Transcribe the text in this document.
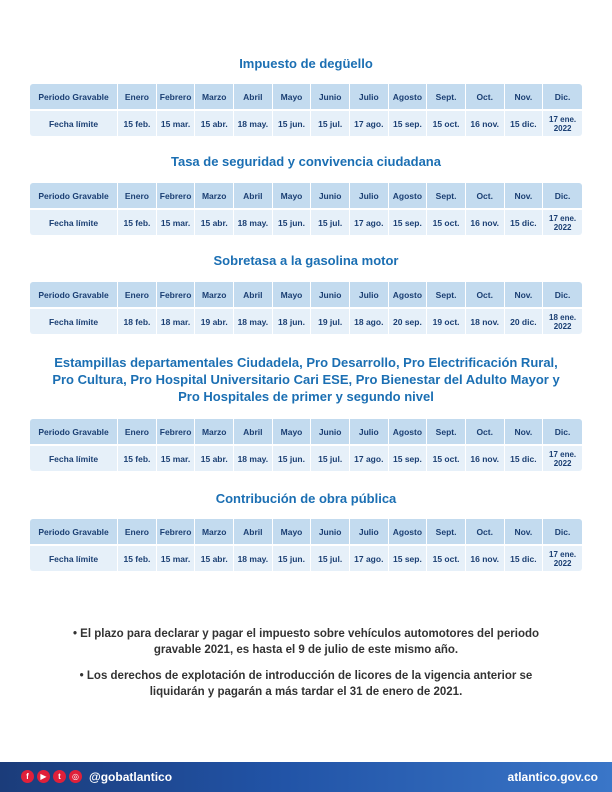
Impuesto de degüello

Periodo Gravable	Enero	Febrero	Marzo	Abril	Mayo	Junio	Julio	Agosto	Sept.	Oct.	Nov.	Dic.
Fecha límite	15 feb.	15 mar.	15 abr.	18 may.	15 jun.	15 jul.	17 ago.	15 sep.	15 oct.	16 nov.	15 dic.	17 ene. 2022

Tasa de seguridad y convivencia ciudadana

Periodo Gravable	Enero	Febrero	Marzo	Abril	Mayo	Junio	Julio	Agosto	Sept.	Oct.	Nov.	Dic.
Fecha límite	15 feb.	15 mar.	15 abr.	18 may.	15 jun.	15 jul.	17 ago.	15 sep.	15 oct.	16 nov.	15 dic.	17 ene. 2022

Sobretasa a la gasolina motor

Periodo Gravable	Enero	Febrero	Marzo	Abril	Mayo	Junio	Julio	Agosto	Sept.	Oct.	Nov.	Dic.
Fecha límite	18 feb.	18 mar.	19 abr.	18 may.	18 jun.	19 jul.	18 ago.	20 sep.	19 oct.	18 nov.	20 dic.	18 ene. 2022

Estampillas departamentales Ciudadela, Pro Desarrollo, Pro Electrificación Rural,
Pro Cultura, Pro Hospital Universitario Cari ESE, Pro Bienestar del Adulto Mayor y
Pro Hospitales de primer y segundo nivel

Periodo Gravable	Enero	Febrero	Marzo	Abril	Mayo	Junio	Julio	Agosto	Sept.	Oct.	Nov.	Dic.
Fecha límite	15 feb.	15 mar.	15 abr.	18 may.	15 jun.	15 jul.	17 ago.	15 sep.	15 oct.	16 nov.	15 dic.	17 ene. 2022

Contribución de obra pública

Periodo Gravable	Enero	Febrero	Marzo	Abril	Mayo	Junio	Julio	Agosto	Sept.	Oct.	Nov.	Dic.
Fecha límite	15 feb.	15 mar.	15 abr.	18 may.	15 jun.	15 jul.	17 ago.	15 sep.	15 oct.	16 nov.	15 dic.	17 ene. 2022

• El plazo para declarar y pagar el impuesto sobre vehículos automotores del periodo gravable 2021, es hasta el 9 de julio de este mismo año.

• Los derechos de explotación de introducción de licores de la vigencia anterior se liquidarán y pagarán a más tardar el 31 de enero de 2021.

f	▶	t	◎ @gobatlantico	atlantico.gov.co
